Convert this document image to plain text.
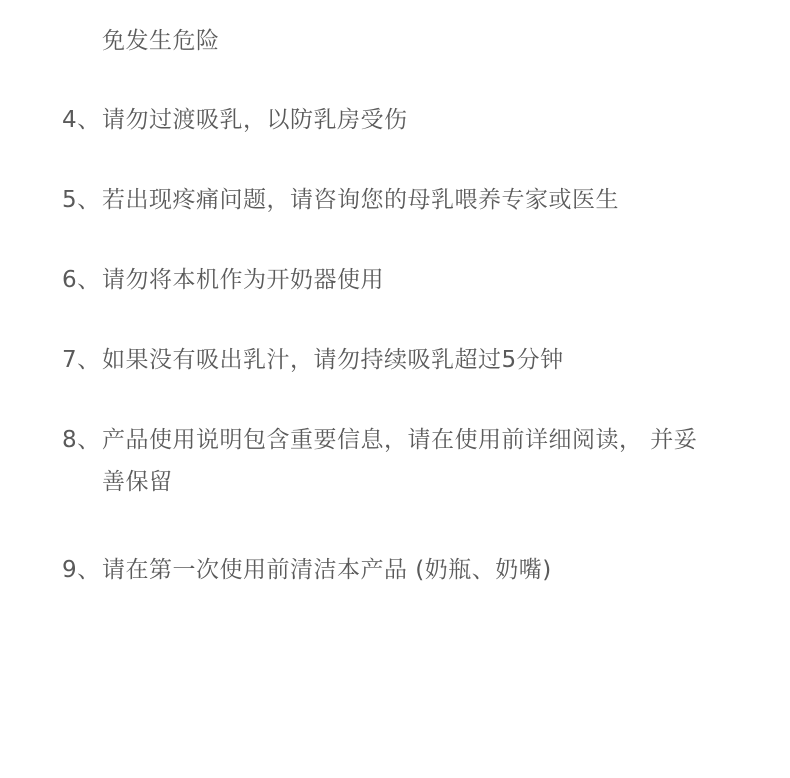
免发生危险
4、请勿过渡吸乳，以防乳房受伤
5、若出现疼痛问题，请咨询您的母乳喂养专家或医生
6、请勿将本机作为开奶器使用
7、如果没有吸出乳汁，请勿持续吸乳超过5分钟
8、产品使用说明包含重要信息，请在使用前详细阅读， 并妥
善保留
9、请在第一次使用前清洁本产品 (奶瓶、奶嘴)
